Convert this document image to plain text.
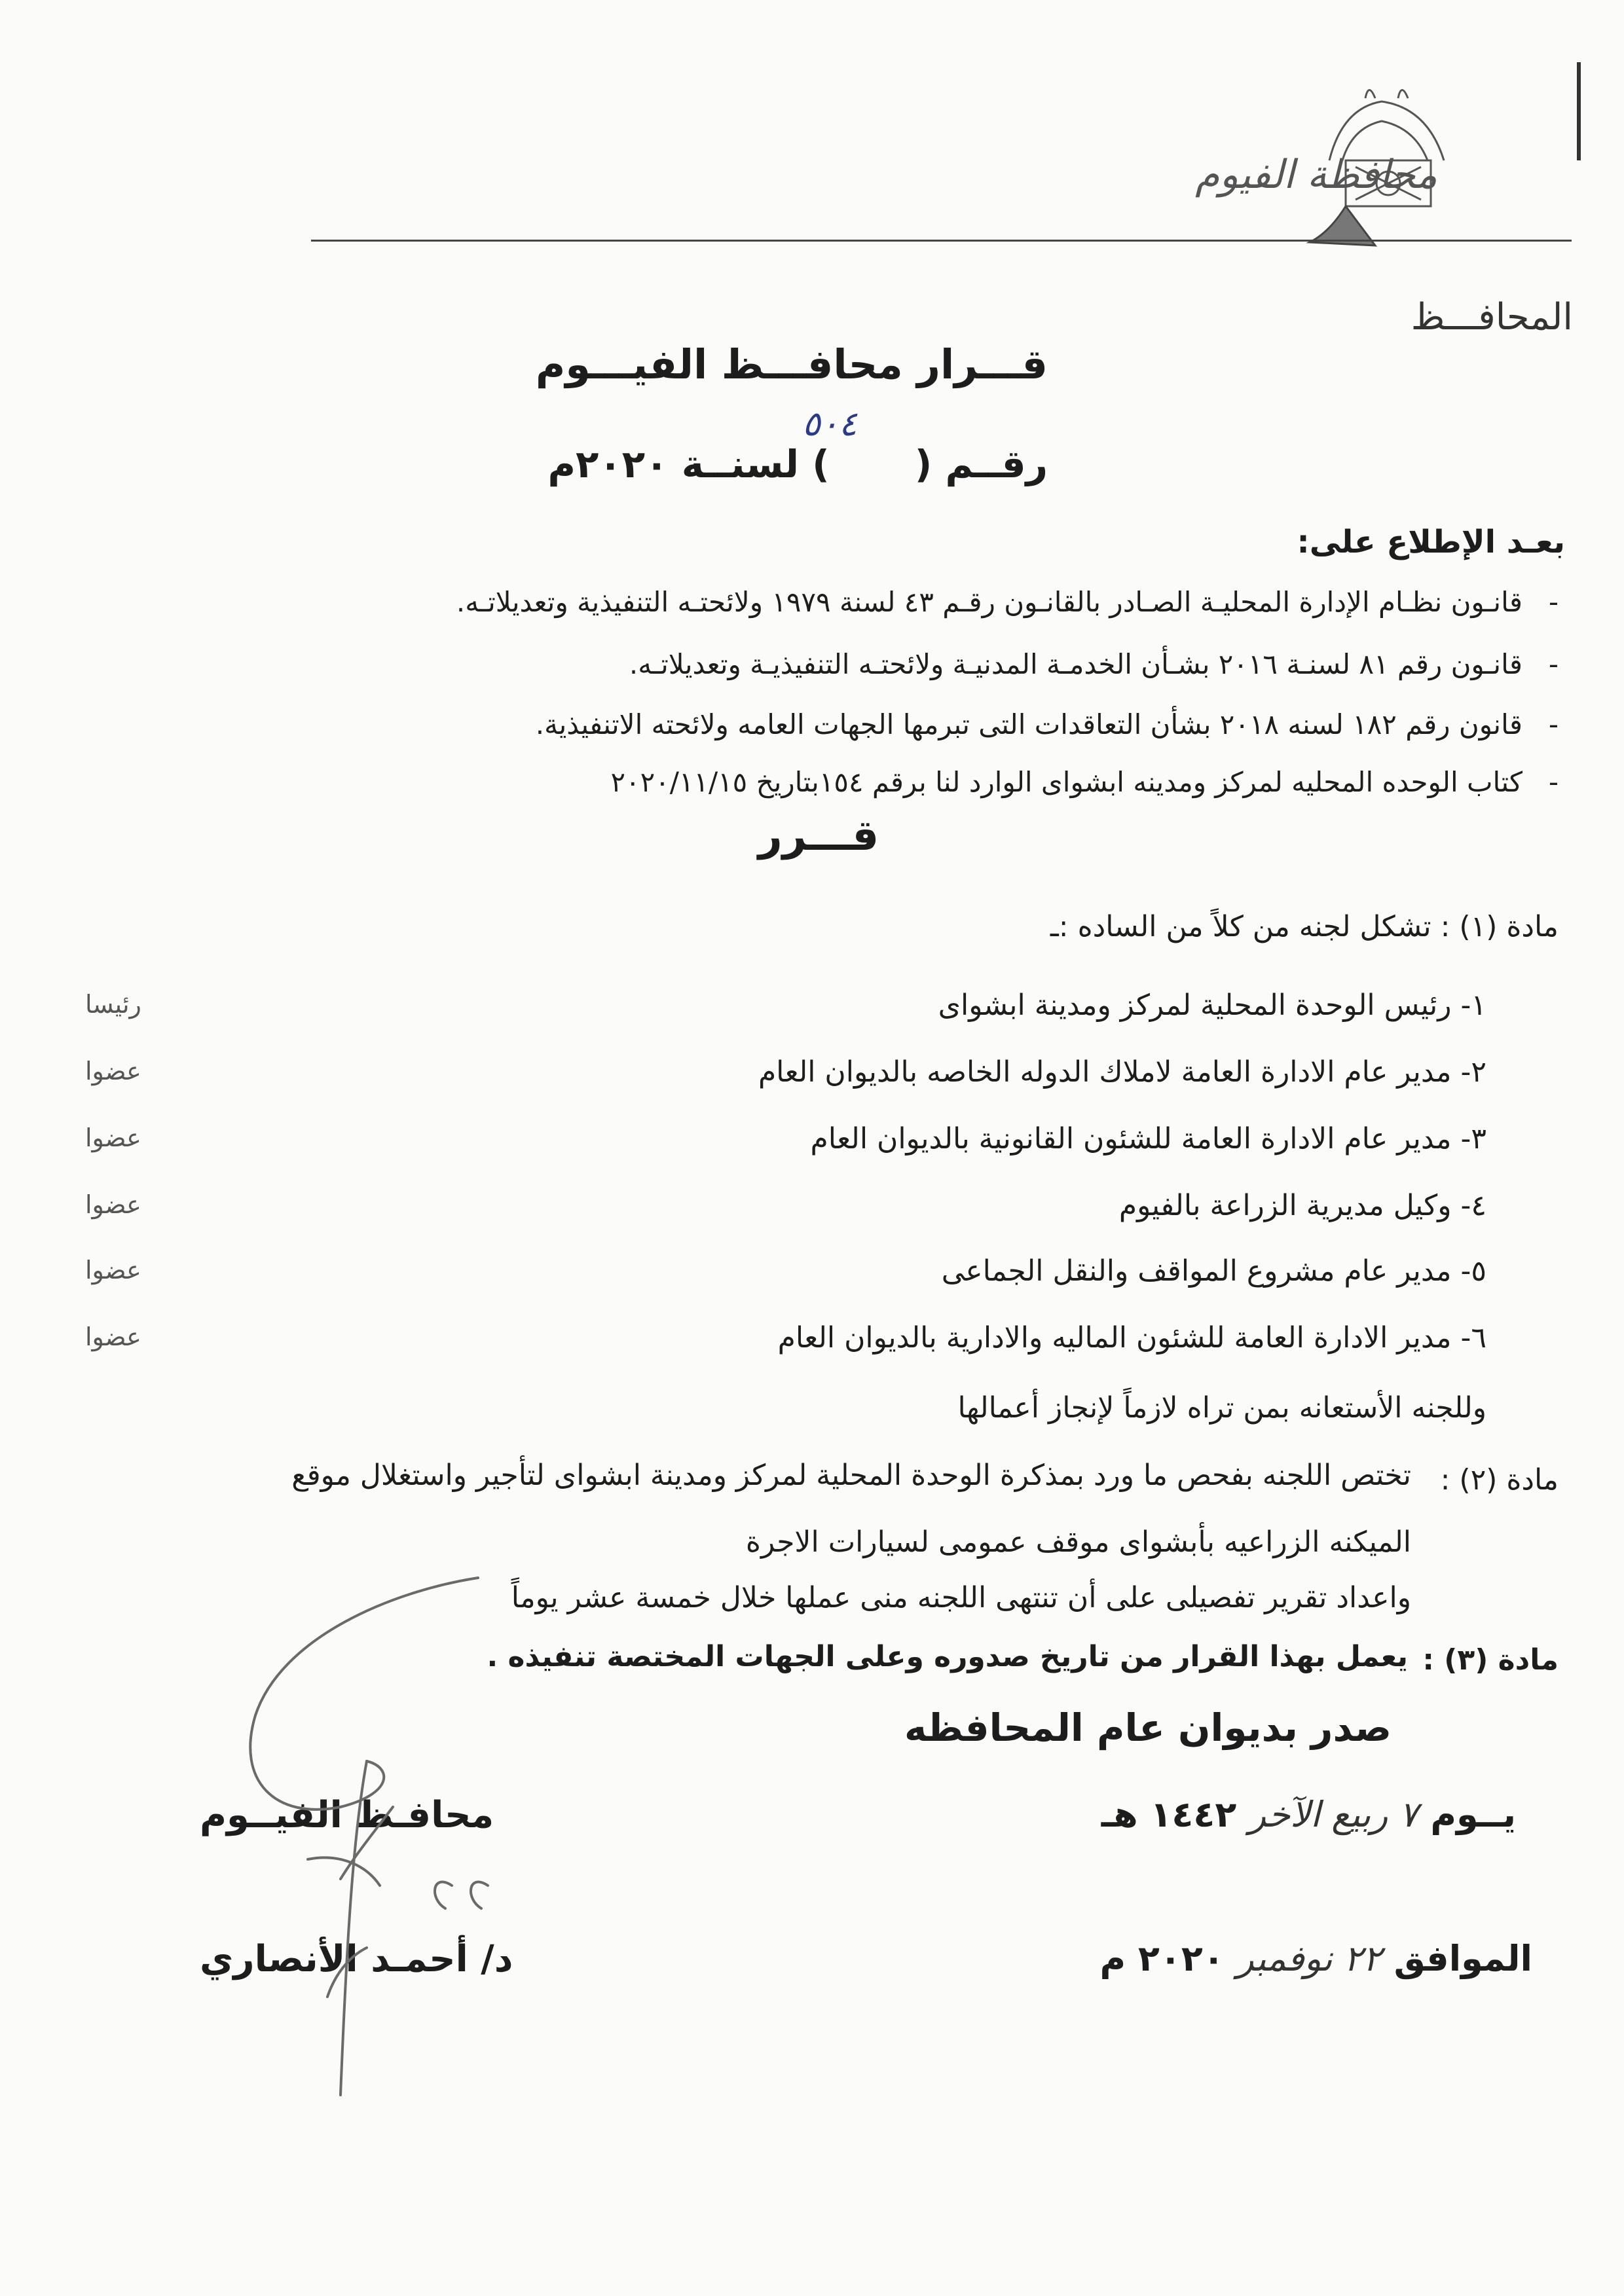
محافظة الفيوم
المحافـــظ
قـــرار محافـــظ الفيـــوم
٥٠٤
رقــم () لسنــة ٢٠٢٠م
بعـد الإطلاع على:
-
قانـون نظـام الإدارة المحليـة الصـادر بالقانـون رقـم ٤٣ لسنة ١٩٧٩ ولائحتـه التنفيذية وتعديلاتـه.
-
قانـون رقم ٨١ لسنـة ٢٠١٦ بشـأن الخدمـة المدنيـة ولائحتـه التنفيذيـة وتعديلاتـه.
-
قانون رقم ١٨٢ لسنه ٢٠١٨ بشأن التعاقدات التى تبرمها الجهات العامه ولائحته الاتنفيذية.
-
كتاب الوحده المحليه لمركز ومدينه ابشواى الوارد لنا برقم ١٥٤بتاريخ ٢٠٢٠/١١/١٥
قـــرر
مادة (١) : تشكل لجنه من كلاً من الساده :ـ
١- رئيس الوحدة المحلية لمركز ومدينة ابشواى
رئيسا
٢- مدير عام الادارة العامة لاملاك الدوله الخاصه بالديوان العام
عضوا
٣- مدير عام الادارة العامة للشئون القانونية بالديوان العام
عضوا
٤- وكيل مديرية الزراعة بالفيوم
عضوا
٥- مدير عام مشروع المواقف والنقل الجماعى
عضوا
٦- مدير الادارة العامة للشئون الماليه والادارية بالديوان العام
عضوا
وللجنه الأستعانه بمن تراه لازماً لإنجاز أعمالها
مادة (٢) :
تختص اللجنه بفحص ما ورد بمذكرة الوحدة المحلية لمركز ومدينة ابشواى لتأجير واستغلال موقع
الميكنه الزراعيه بأبشواى موقف عمومى لسيارات الاجرة
واعداد تقرير تفصيلى على أن تنتهى اللجنه منى عملها خلال خمسة عشر يوماً
مادة (٣) :
يعمل بهذا القرار من تاريخ صدوره وعلى الجهات المختصة تنفيذه .
صدر بديوان عام المحافظه
يــوم ٧ ربيع الآخر ١٤٤٢ هـ
الموافق ٢٢ نوفمبر ٢٠٢٠ م
محافـظ الفيــوم
د/ أحمـد الأنصاري
